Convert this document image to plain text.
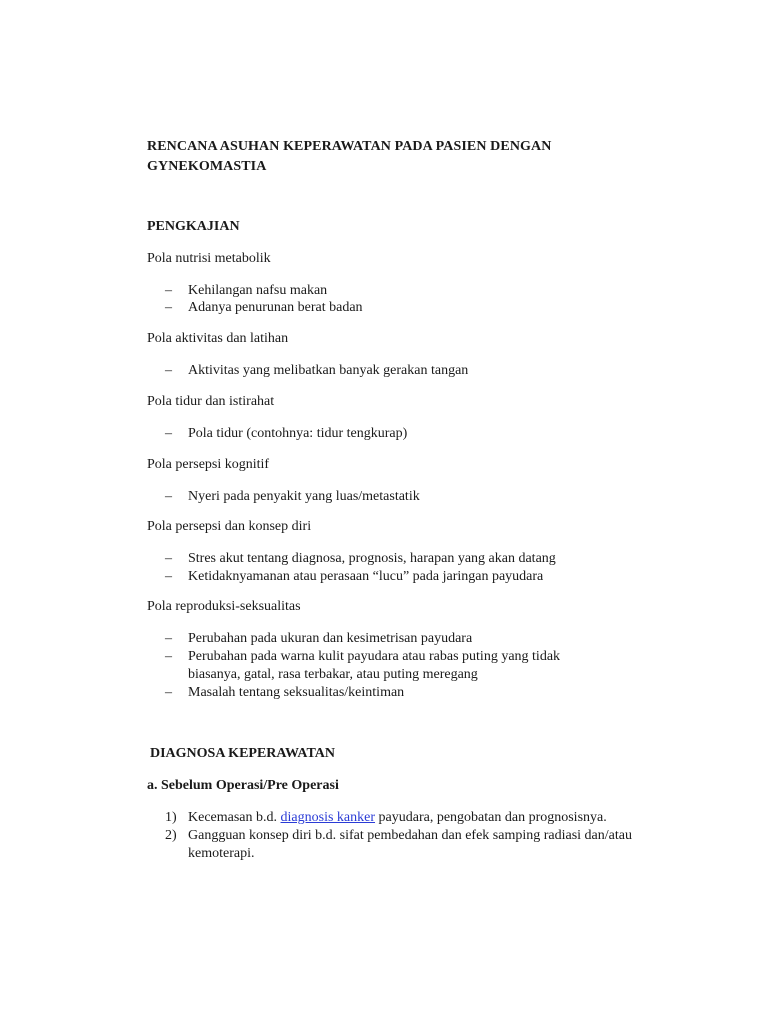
RENCANA ASUHAN KEPERAWATAN PADA PASIEN DENGAN GYNEKOMASTIA
PENGKAJIAN
Pola nutrisi metabolik
–	Kehilangan nafsu makan
–	Adanya penurunan berat badan
Pola aktivitas dan latihan
–	Aktivitas yang melibatkan banyak gerakan tangan
Pola tidur dan istirahat
–	Pola tidur (contohnya: tidur tengkurap)
Pola persepsi kognitif
–	Nyeri pada penyakit yang luas/metastatik
Pola persepsi dan konsep diri
–	Stres akut tentang diagnosa, prognosis, harapan yang akan datang
–	Ketidaknyamanan atau perasaan “lucu” pada jaringan payudara
Pola reproduksi-seksualitas
–	Perubahan pada ukuran dan kesimetrisan payudara
–	Perubahan pada warna kulit payudara atau rabas puting yang tidak biasanya, gatal, rasa terbakar, atau puting meregang
–	Masalah tentang seksualitas/keintiman
DIAGNOSA KEPERAWATAN
a. Sebelum Operasi/Pre Operasi
1) Kecemasan b.d. diagnosis kanker payudara, pengobatan dan prognosisnya.
2) Gangguan konsep diri b.d. sifat pembedahan dan efek samping radiasi dan/atau kemoterapi.
